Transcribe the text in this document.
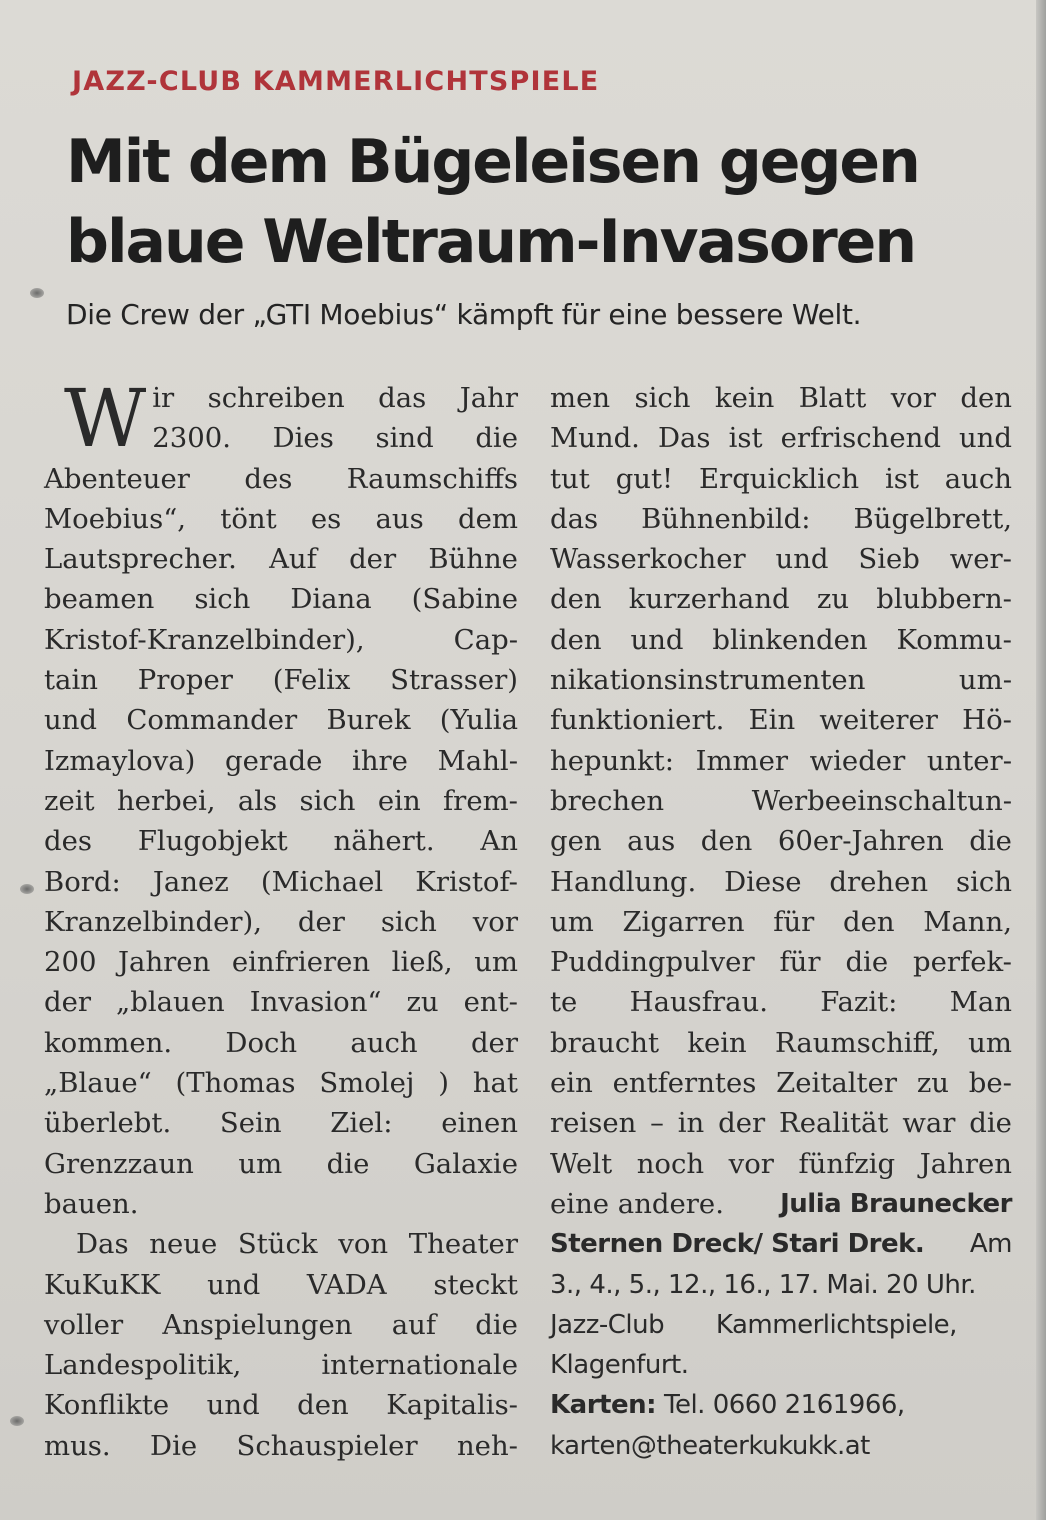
JAZZ-CLUB KAMMERLICHTSPIELE
Mit dem Bügeleisen gegen
blaue Weltraum-Invasoren
Die Crew der „GTI Moebius“ kämpft für eine bessere Welt.
W ir schreiben das Jahr
2300. Dies sind die
Abenteuer des Raumschiffs
Moebius“, tönt es aus dem
Lautsprecher. Auf der Bühne
beamen sich Diana (Sabine
Kristof-Kranzelbinder),	Cap-
tain Proper (Felix Strasser)
und Commander Burek (Yulia
Izmaylova) gerade ihre Mahl-
zeit herbei, als sich ein frem-
des Flugobjekt nähert. An
Bord: Janez (Michael Kristof-
Kranzelbinder), der sich vor
200 Jahren einfrieren ließ, um
der „blauen Invasion“ zu ent-
kommen. Doch auch der
„Blaue“ (Thomas Smolej ) hat
überlebt. Sein Ziel: einen
Grenzzaun um die Galaxie
bauen.
Das neue Stück von Theater
KuKuKK und VADA steckt
voller Anspielungen auf die
Landespolitik,	internationale
Konflikte und den Kapitalis-
mus. Die Schauspieler neh-
men sich kein Blatt vor den
Mund. Das ist erfrischend und
tut gut! Erquicklich ist auch
das Bühnenbild: Bügelbrett,
Wasserkocher und Sieb wer-
den kurzerhand zu blubbern-
den und blinkenden Kommu-
nikationsinstrumenten	um-
funktioniert. Ein weiterer Hö-
hepunkt: Immer wieder unter-
brechen	Werbeeinschaltun-
gen aus den 60er-Jahren die
Handlung. Diese drehen sich
um Zigarren für den Mann,
Puddingpulver für die perfek-
te Hausfrau. Fazit: Man
braucht kein Raumschiff, um
ein entferntes Zeitalter zu be-
reisen – in der Realität war die
Welt noch vor fünfzig Jahren
eine andere. Julia Braunecker
Sternen Dreck/ Stari Drek. Am
3., 4., 5., 12., 16., 17. Mai. 20 Uhr.
Jazz-Club Kammerlichtspiele,
Klagenfurt.
Karten: Tel. 0660 2161966,
karten@theaterkukukk.at
